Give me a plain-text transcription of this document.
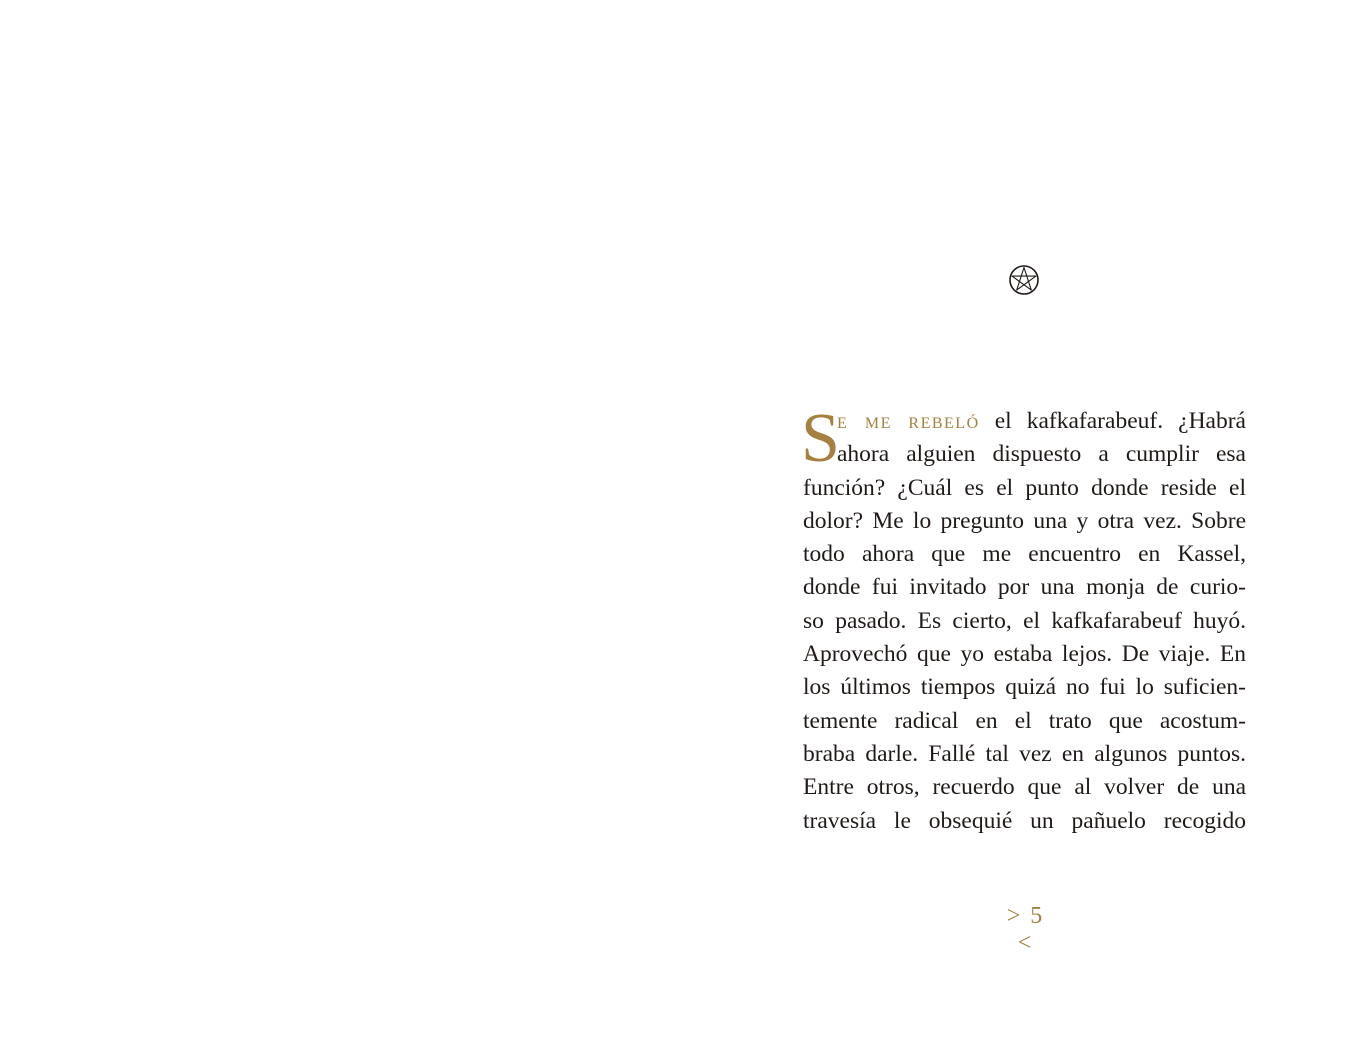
S
e me rebeló el kafkafarabeuf. ¿Habrá
ahora alguien dispuesto a cumplir esa
función? ¿Cuál es el punto donde reside el
dolor? Me lo pregunto una y otra vez. Sobre
todo ahora que me encuentro en Kassel,
donde fui invitado por una monja de curio-
so pasado. Es cierto, el kafkafarabeuf huyó.
Aprovechó que yo estaba lejos. De viaje. En
los últimos tiempos quizá no fui lo suficien-
temente radical en el trato que acostum-
braba darle. Fallé tal vez en algunos puntos.
Entre otros, recuerdo que al volver de una
travesía le obsequié un pañuelo recogido
> 5 <
